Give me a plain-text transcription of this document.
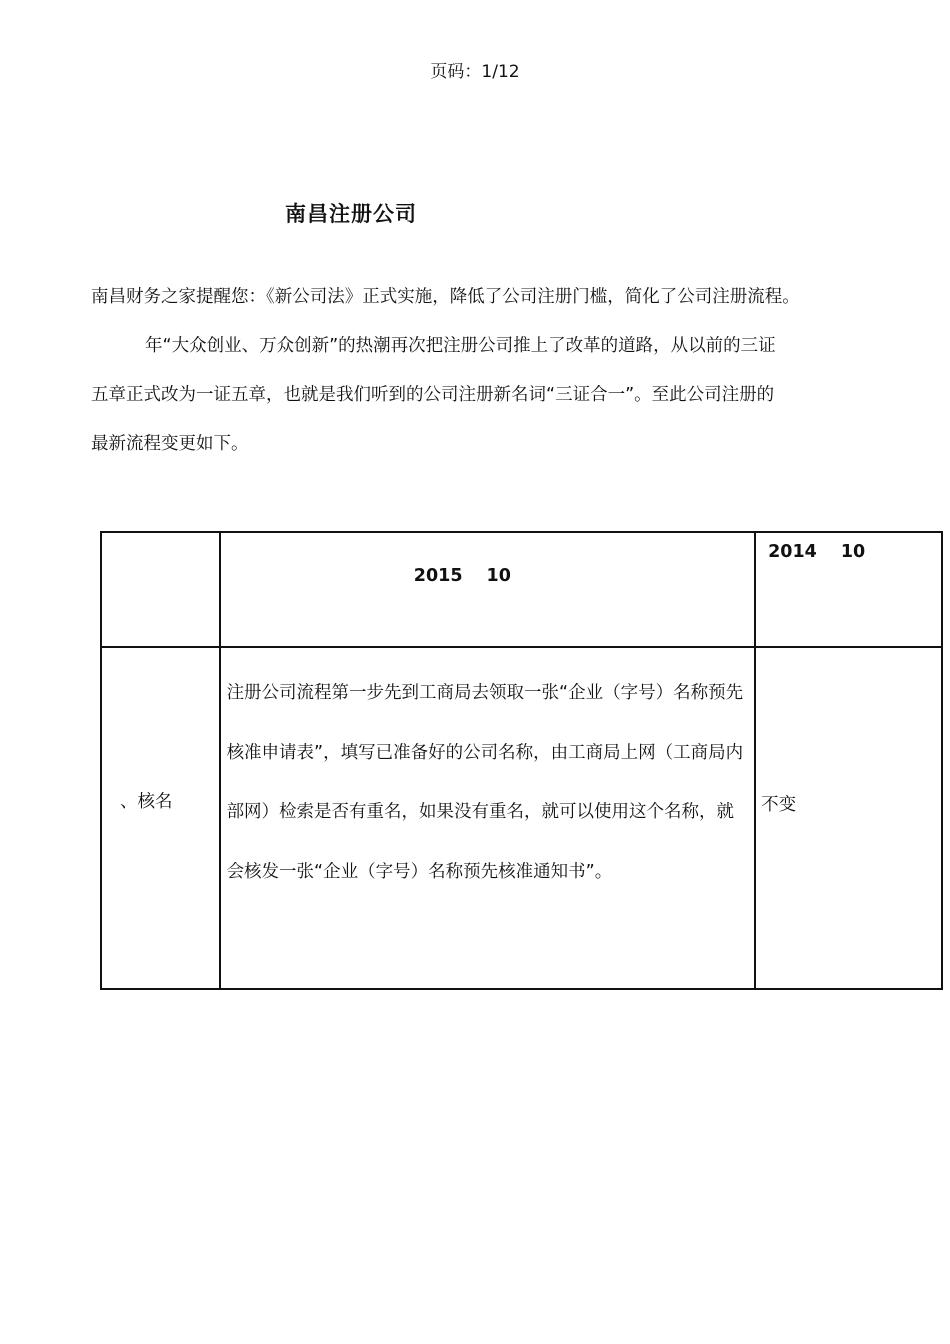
页码：1/12
南昌注册公司
南昌财务之家提醒您：《新公司法》正式实施，降低了公司注册门槛，简化了公司注册流程。
年“大众创业、万众创新”的热潮再次把注册公司推上了改革的道路，从以前的三证
五章正式改为一证五章，也就是我们听到的公司注册新名词“三证合一”。至此公司注册的
最新流程变更如下。

	2015 10	2014 10

、核名	注册公司流程第一步先到工商局去领取一张“企业（字号）名称预先核准申请表”，填写已准备好的公司名称，由工商局上网（工商局内部网）检索是否有重名，如果没有重名，就可以使用这个名称，就会核发一张“企业（字号）名称预先核准通知书”。	不变
